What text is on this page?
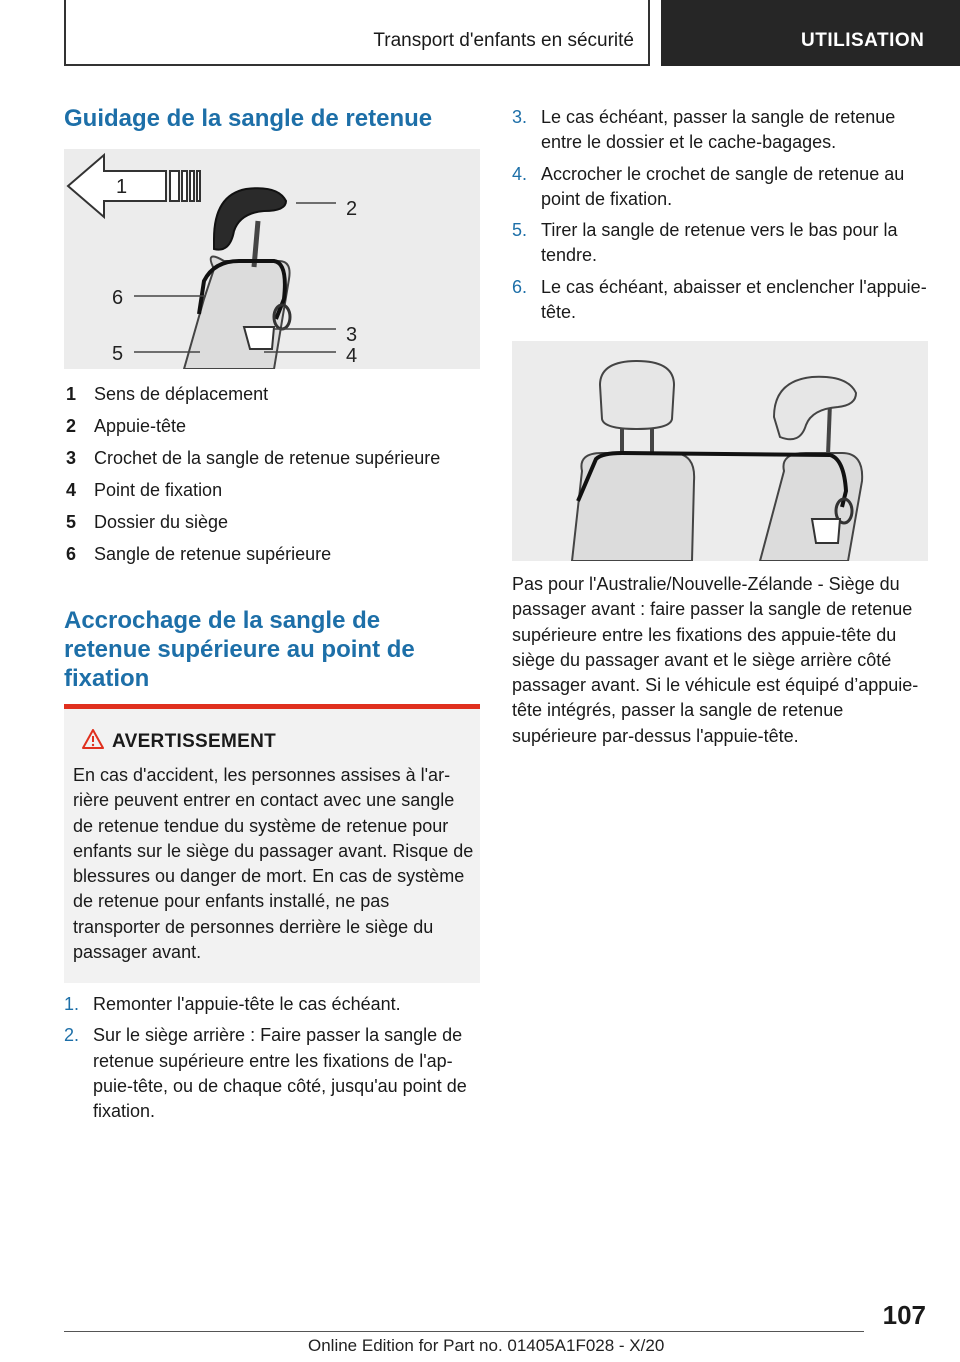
Transport d'enfants en sécurité	UTILISATION
Guidage de la sangle de retenue
1
2
6
3
5	4
1 Sens de déplacement
2 Appuie-tête
3 Crochet de la sangle de retenue supérieure
4 Point de fixation
5 Dossier du siège
6 Sangle de retenue supérieure
Accrochage de la sangle de
retenue supérieure au point de
fixation
AVERTISSEMENT
En cas d'accident, les personnes assises à l'arrière peuvent entrer en contact avec une sangle de retenue tendue du système de retenue pour enfants sur le siège du passager avant. Risque de blessures ou danger de mort. En cas de système de retenue pour enfants installé, ne pas transporter de personnes derrière le siège du passager avant.
1. Remonter l'appuie-tête le cas échéant.
2. Sur le siège arrière : Faire passer la sangle de retenue supérieure entre les fixations de l'appuie-tête, ou de chaque côté, jusqu'au point de fixation.
3. Le cas échéant, passer la sangle de retenue entre le dossier et le cache-bagages.
4. Accrocher le crochet de sangle de retenue au point de fixation.
5. Tirer la sangle de retenue vers le bas pour la tendre.
6. Le cas échéant, abaisser et enclencher l'appuie-tête.
Pas pour l'Australie/Nouvelle-Zélande - Siège du passager avant : faire passer la sangle de retenue supérieure entre les fixations des appuie-tête du siège du passager avant et le siège arrière côté passager avant. Si le véhicule est équipé d’appuie-tête intégrés, passer la sangle de retenue supérieure par-dessus l'appuie-tête.
107
Online Edition for Part no. 01405A1F028 - X/20
